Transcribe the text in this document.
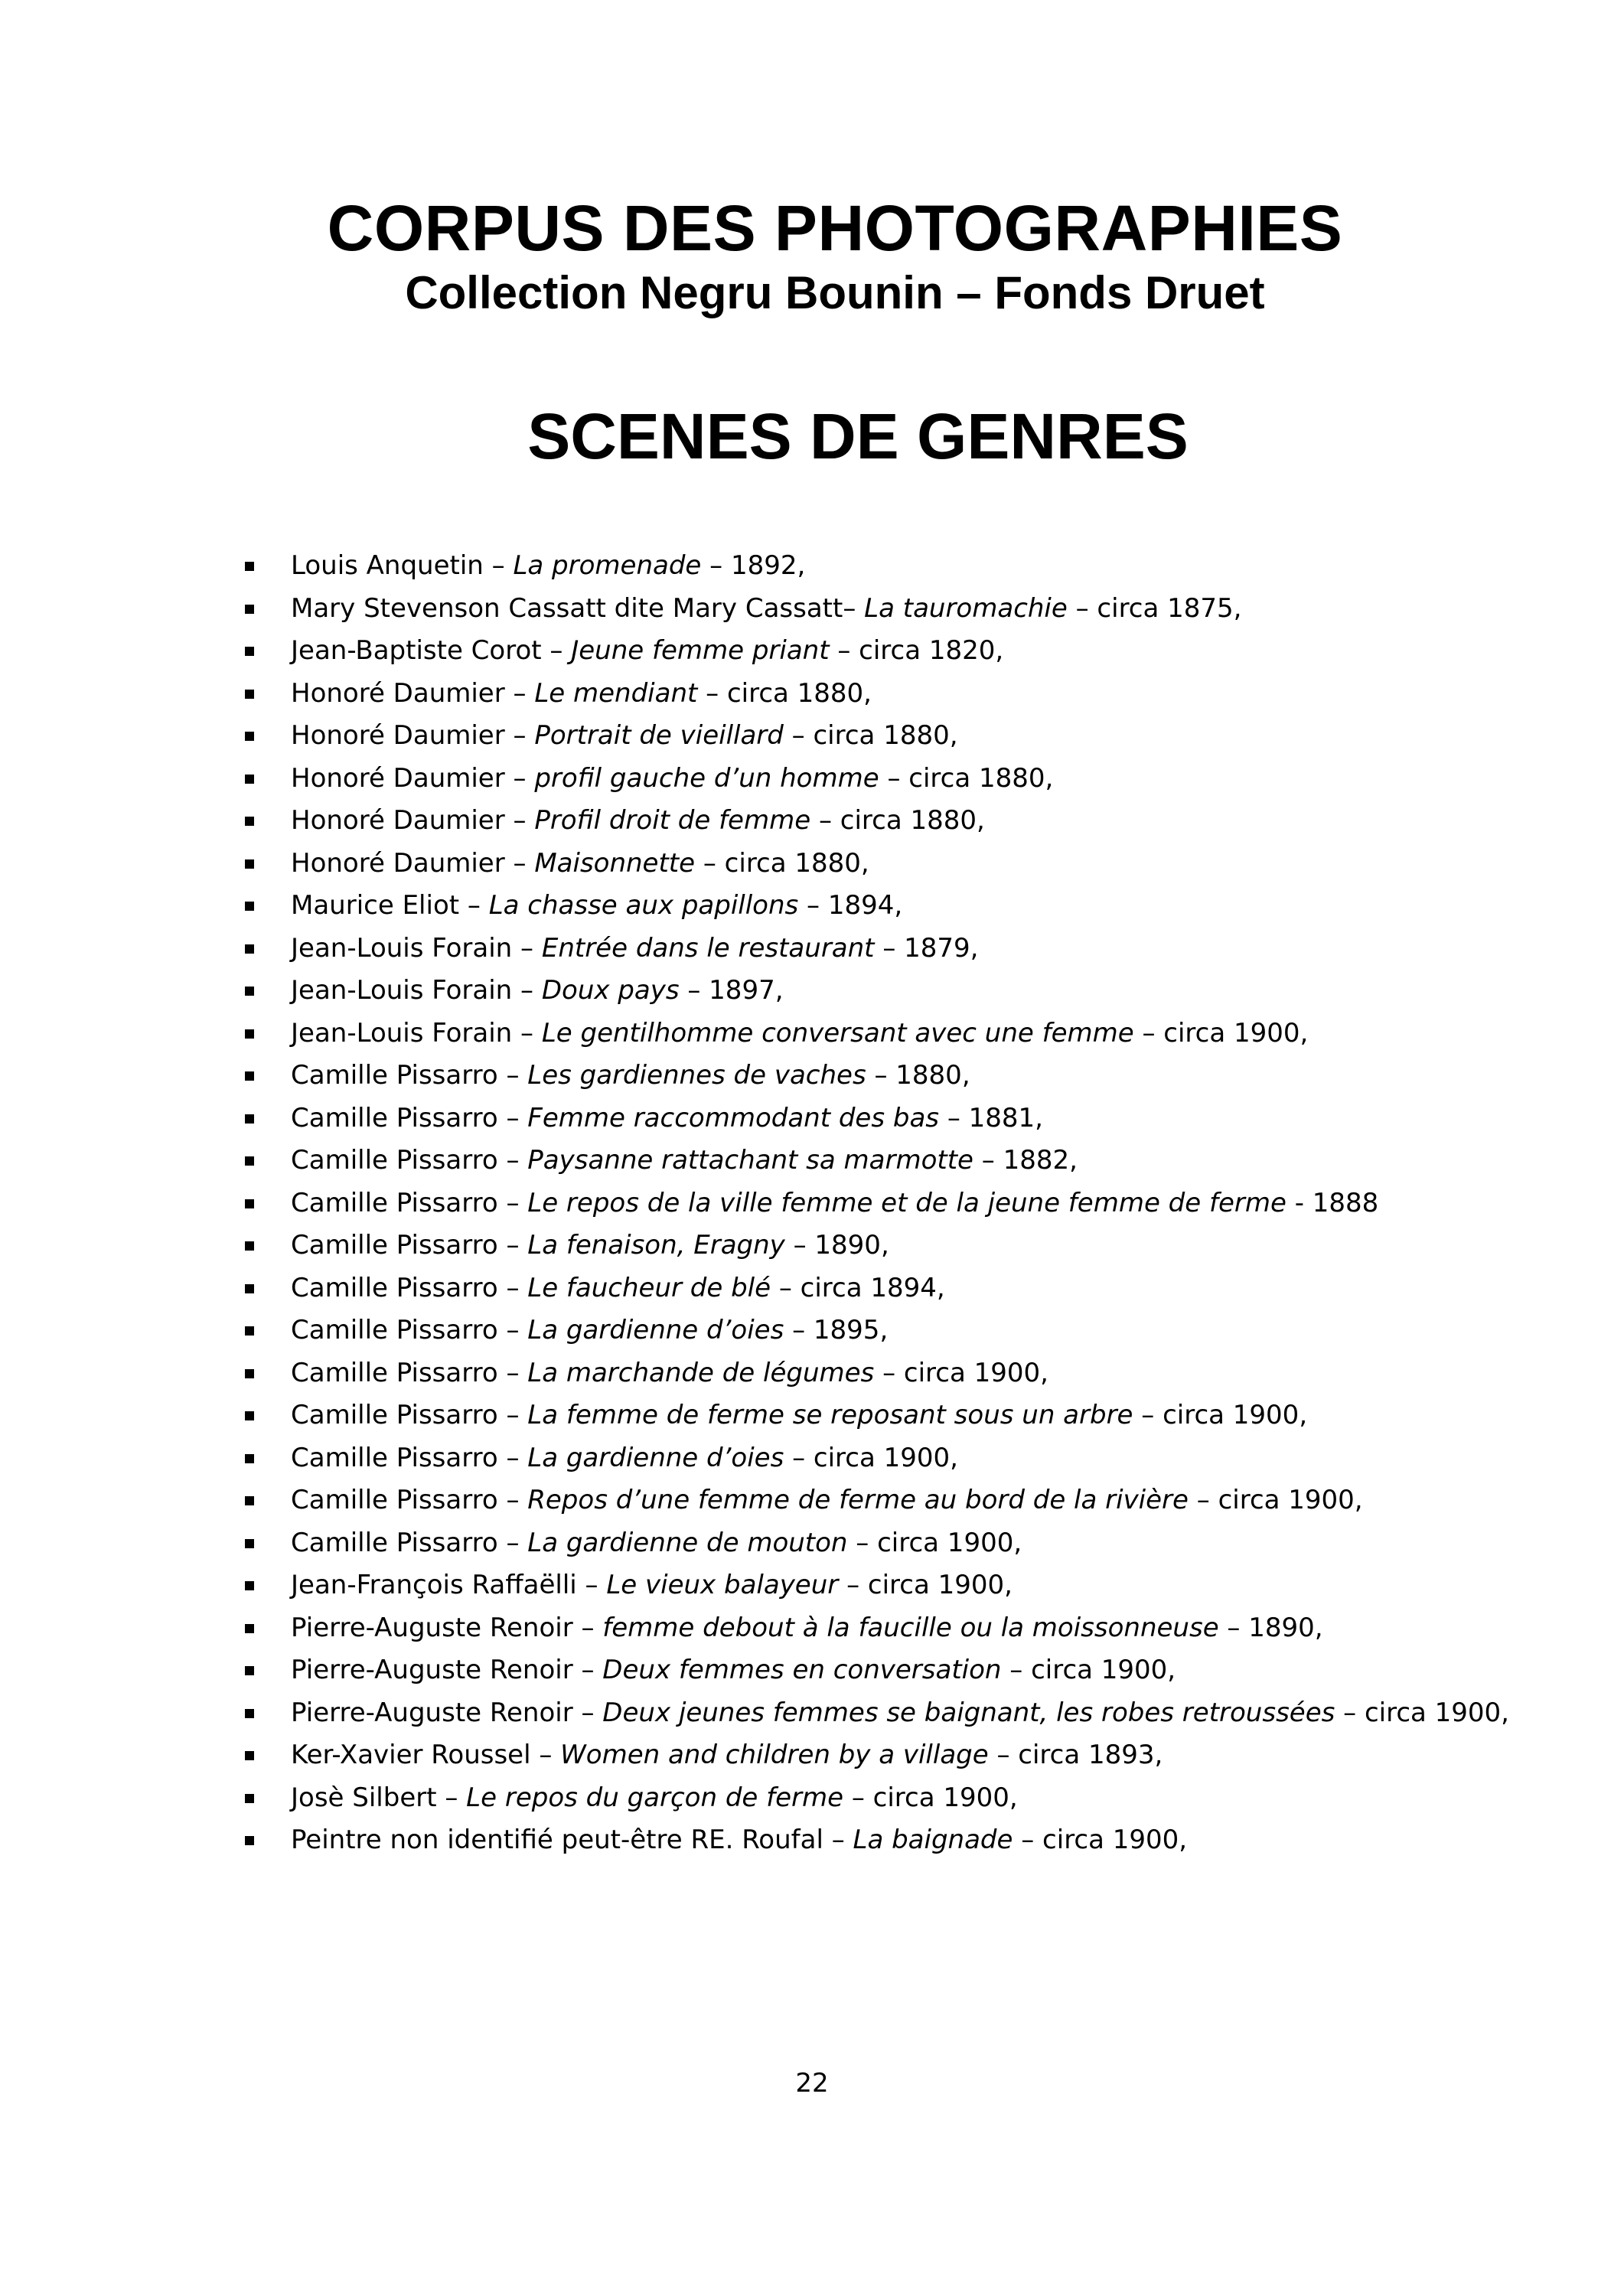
CORPUS DES PHOTOGRAPHIES
Collection Negru Bounin – Fonds Druet
SCENES DE GENRES
Louis Anquetin – La promenade – 1892,
Mary Stevenson Cassatt dite Mary Cassatt– La tauromachie – circa 1875,
Jean-Baptiste Corot – Jeune femme priant – circa 1820,
Honoré Daumier – Le mendiant – circa 1880,
Honoré Daumier – Portrait de vieillard – circa 1880,
Honoré Daumier – profil gauche d’un homme – circa 1880,
Honoré Daumier – Profil droit de femme – circa 1880,
Honoré Daumier – Maisonnette – circa 1880,
Maurice Eliot – La chasse aux papillons – 1894,
Jean-Louis Forain – Entrée dans le restaurant – 1879,
Jean-Louis Forain – Doux pays – 1897,
Jean-Louis Forain – Le gentilhomme conversant avec une femme – circa 1900,
Camille Pissarro – Les gardiennes de vaches – 1880,
Camille Pissarro – Femme raccommodant des bas – 1881,
Camille Pissarro – Paysanne rattachant sa marmotte – 1882,
Camille Pissarro – Le repos de la ville femme et de la jeune femme de ferme - 1888
Camille Pissarro – La fenaison, Eragny – 1890,
Camille Pissarro – Le faucheur de blé – circa 1894,
Camille Pissarro – La gardienne d’oies – 1895,
Camille Pissarro – La marchande de légumes – circa 1900,
Camille Pissarro – La femme de ferme se reposant sous un arbre – circa 1900,
Camille Pissarro – La gardienne d’oies – circa 1900,
Camille Pissarro – Repos d’une femme de ferme au bord de la rivière – circa 1900,
Camille Pissarro – La gardienne de mouton – circa 1900,
Jean-François Raffaëlli – Le vieux balayeur – circa 1900,
Pierre-Auguste Renoir – femme debout à la faucille ou la moissonneuse – 1890,
Pierre-Auguste Renoir – Deux femmes en conversation – circa 1900,
Pierre-Auguste Renoir – Deux jeunes femmes se baignant, les robes retroussées – circa 1900,
Ker-Xavier Roussel – Women and children by a village – circa 1893,
Josè Silbert – Le repos du garçon de ferme – circa 1900,
Peintre non identifié peut-être RE. Roufal – La baignade – circa 1900,
22
